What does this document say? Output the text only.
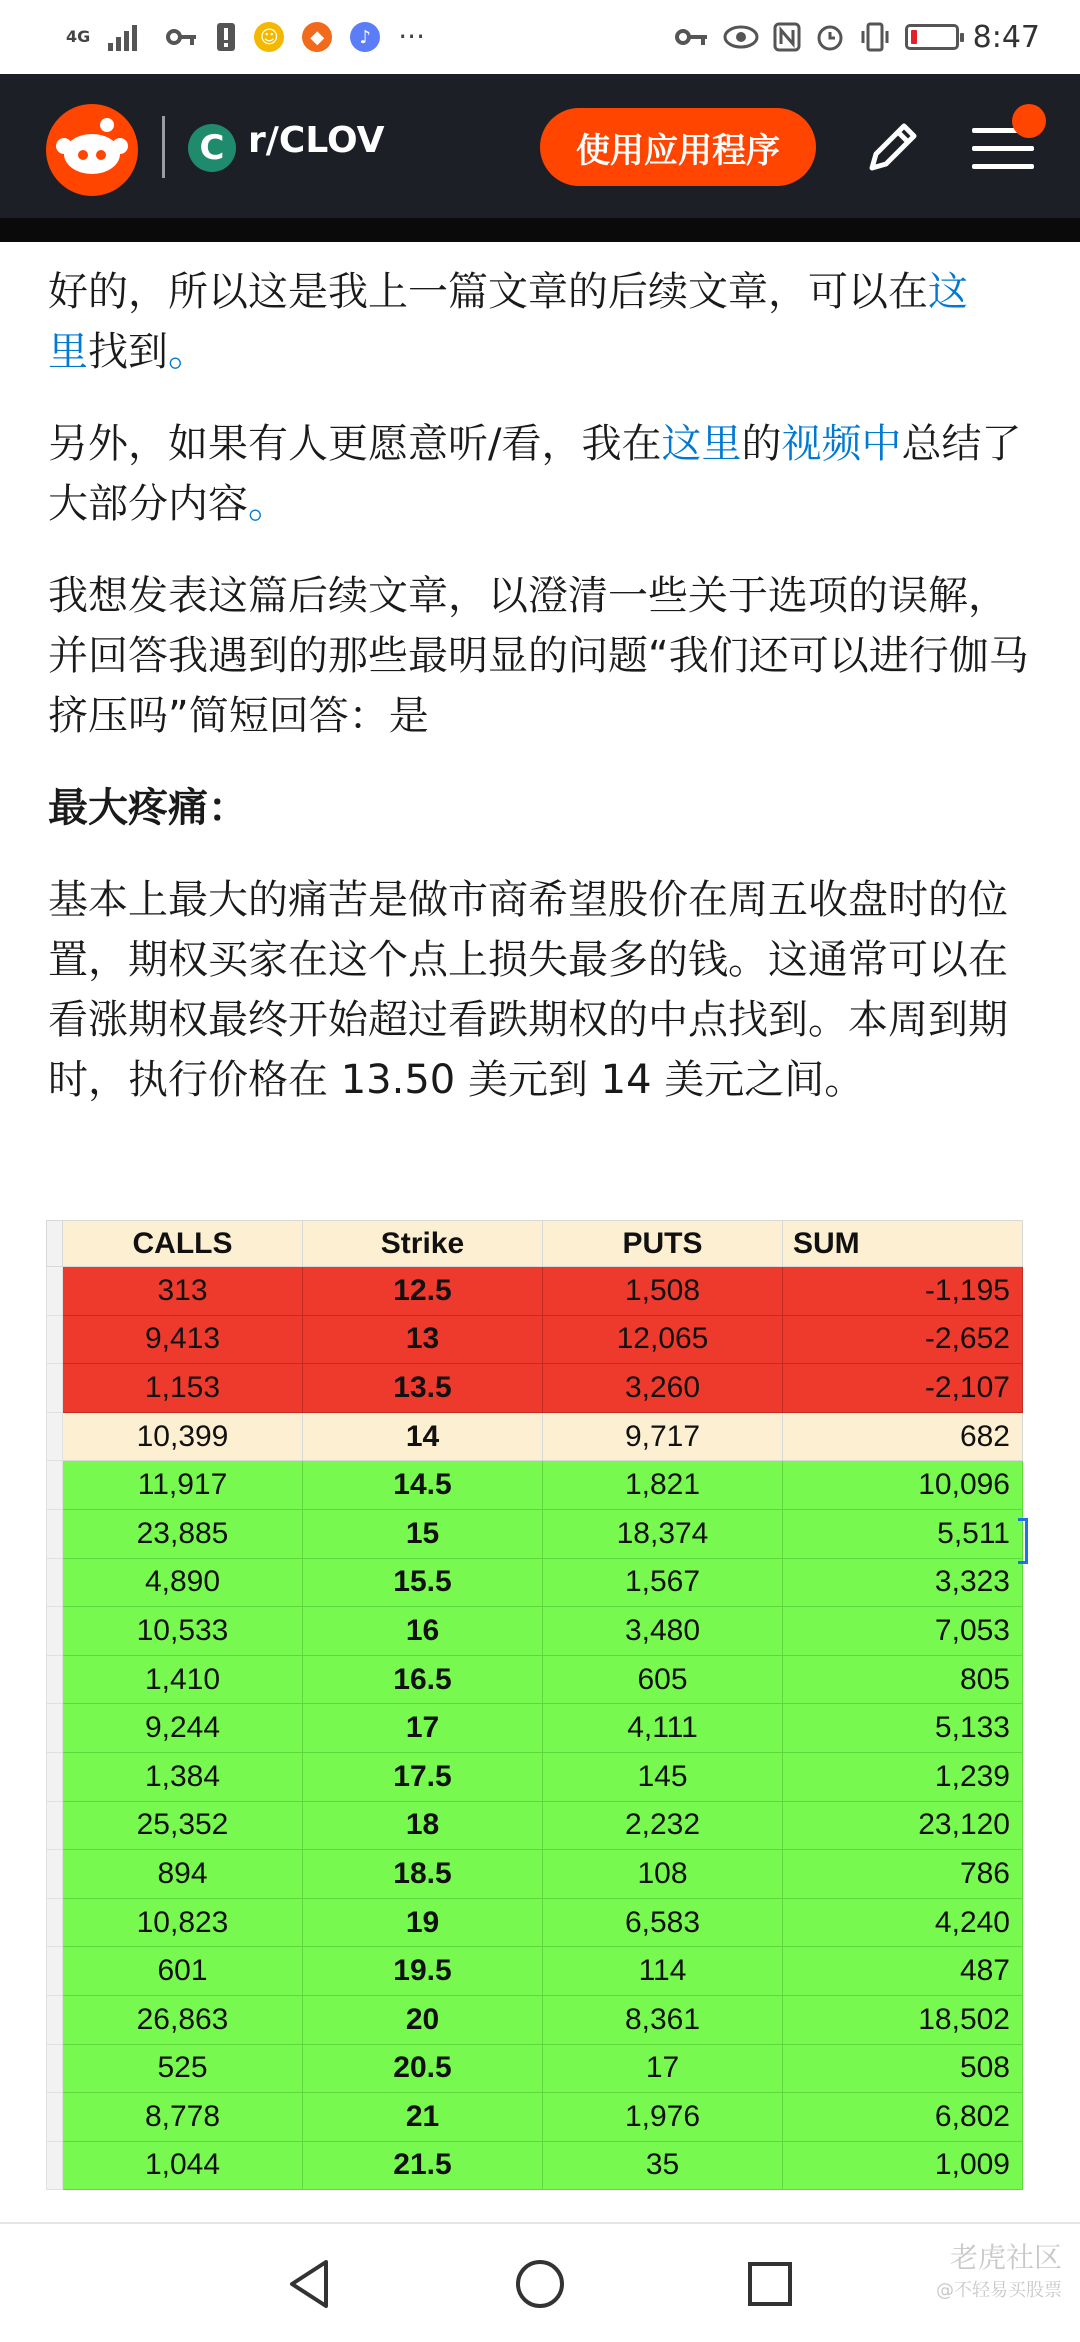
4G	☺	◆	♪ ···	8:47
C r/CLOV	使用应用程序

好的，所以这是我上一篇文章的后续文章，可以在这
里找到。

另外，如果有人更愿意听/看，我在这里的视频中总结了大部分内容。

我想发表这篇后续文章，以澄清一些关于选项的误解，并回答我遇到的那些最明显的问题“我们还可以进行伽马挤压吗”简短回答：是

最大疼痛：

基本上最大的痛苦是做市商希望股价在周五收盘时的位置，期权买家在这个点上损失最多的钱。这通常可以在看涨期权最终开始超过看跌期权的中点找到。本周到期时，执行价格在 13.50 美元到 14 美元之间。

	CALLS	Strike	PUTS	SUM
	313	12.5	1,508	-1,195
	9,413	13	12,065	-2,652
	1,153	13.5	3,260	-2,107
	10,399	14	9,717	682
	11,917	14.5	1,821	10,096
	23,885	15	18,374	5,511
	4,890	15.5	1,567	3,323
	10,533	16	3,480	7,053
	1,410	16.5	605	805
	9,244	17	4,111	5,133
	1,384	17.5	145	1,239
	25,352	18	2,232	23,120
	894	18.5	108	786
	10,823	19	6,583	4,240
	601	19.5	114	487
	26,863	20	8,361	18,502
	525	20.5	17	508
	8,778	21	1,976	6,802
	1,044	21.5	35	1,009
老虎社区
@不轻易买股票
